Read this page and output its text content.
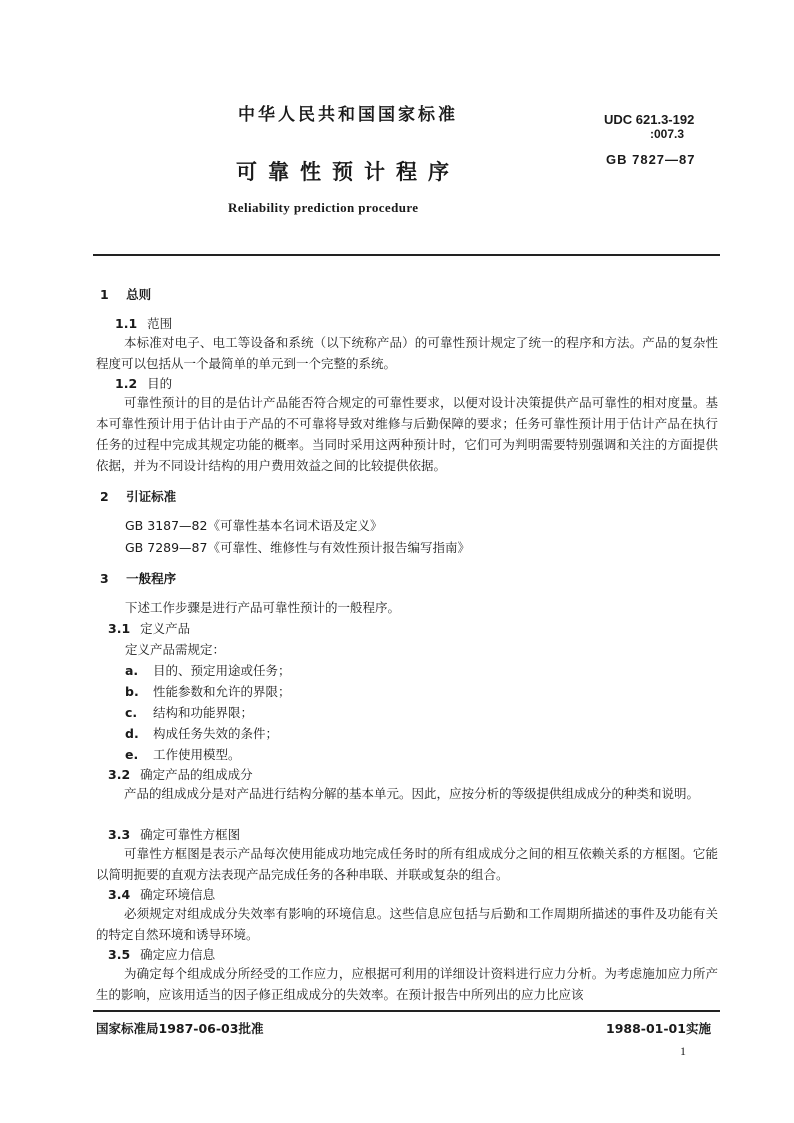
中华人民共和国国家标准
可靠性预计程序
Reliability prediction procedure
UDC 621.3-192
:007.3
GB 7827—87
1 总则
1.1 范围
本标准对电子、电工等设备和系统（以下统称产品）的可靠性预计规定了统一的程序和方法。产品的复杂性程度可以包括从一个最简单的单元到一个完整的系统。
1.2 目的
可靠性预计的目的是估计产品能否符合规定的可靠性要求，以便对设计决策提供产品可靠性的相对度量。基本可靠性预计用于估计由于产品的不可靠将导致对维修与后勤保障的要求；任务可靠性预计用于估计产品在执行任务的过程中完成其规定功能的概率。当同时采用这两种预计时，它们可为判明需要特别强调和关注的方面提供依据，并为不同设计结构的用户费用效益之间的比较提供依据。
2 引证标准
GB 3187—82《可靠性基本名词术语及定义》
GB 7289—87《可靠性、维修性与有效性预计报告编写指南》
3 一般程序
下述工作步骤是进行产品可靠性预计的一般程序。
3.1 定义产品
定义产品需规定：
a. 目的、预定用途或任务；
b. 性能参数和允许的界限；
c. 结构和功能界限；
d. 构成任务失效的条件；
e. 工作使用模型。
3.2 确定产品的组成成分
产品的组成成分是对产品进行结构分解的基本单元。因此，应按分析的等级提供组成成分的种类和说明。
3.3 确定可靠性方框图
可靠性方框图是表示产品每次使用能成功地完成任务时的所有组成成分之间的相互依赖关系的方框图。它能以简明扼要的直观方法表现产品完成任务的各种串联、并联或复杂的组合。
3.4 确定环境信息
必须规定对组成成分失效率有影响的环境信息。这些信息应包括与后勤和工作周期所描述的事件及功能有关的特定自然环境和诱导环境。
3.5 确定应力信息
为确定每个组成成分所经受的工作应力，应根据可利用的详细设计资料进行应力分析。为考虑施加应力所产生的影响，应该用适当的因子修正组成成分的失效率。在预计报告中所列出的应力比应该
国家标准局1987-06-03批准	1988-01-01实施
1
